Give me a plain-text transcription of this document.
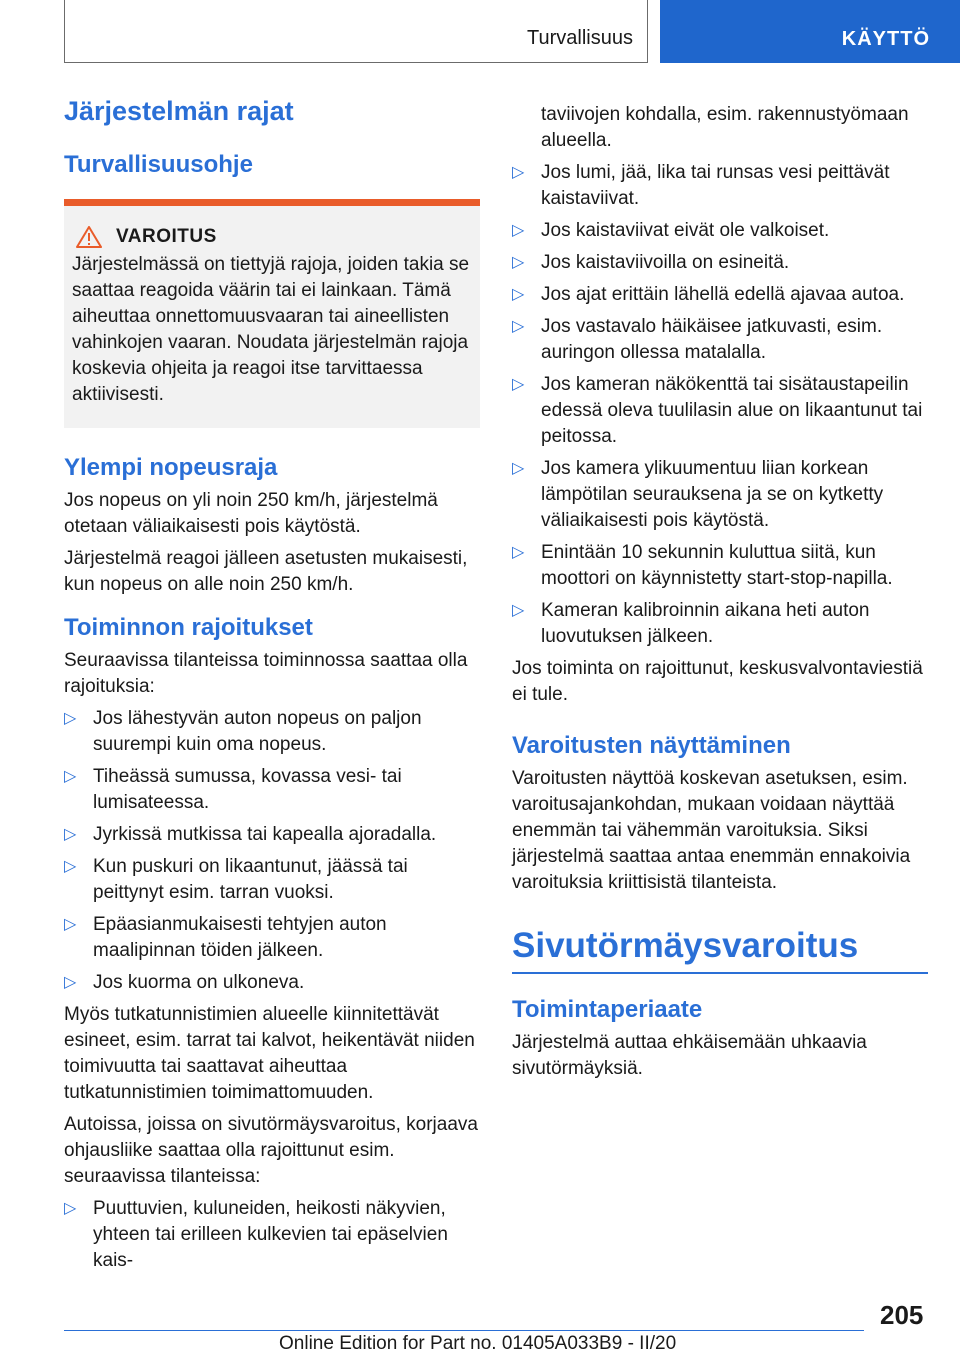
Turvallisuus	KÄYTTÖ
Järjestelmän rajat
Turvallisuusohje
VAROITUS

Järjestelmässä on tiettyjä rajoja, joiden takia se saattaa reagoida väärin tai ei lainkaan. Tämä aiheuttaa onnettomuusvaaran tai aineellisten vahinkojen vaaran. Noudata järjestelmän rajoja koskevia ohjeita ja reagoi itse tarvittaessa aktiivisesti.

Ylempi nopeusraja

Jos nopeus on yli noin 250 km/h, järjestelmä otetaan väliaikaisesti pois käytöstä.

Järjestelmä reagoi jälleen asetusten mukaisesti, kun nopeus on alle noin 250 km/h.

Toiminnon rajoitukset

Seuraavissa tilanteissa toiminnossa saattaa olla rajoituksia:

▷ Jos lähestyvän auton nopeus on paljon suurempi kuin oma nopeus.
▷ Tiheässä sumussa, kovassa vesi- tai lumisateessa.
▷ Jyrkissä mutkissa tai kapealla ajoradalla.
▷ Kun puskuri on likaantunut, jäässä tai peittynyt esim. tarran vuoksi.
▷ Epäasianmukaisesti tehtyjen auton maalipinnan töiden jälkeen.
▷ Jos kuorma on ulkoneva.

Myös tutkatunnistimien alueelle kiinnitettävät esineet, esim. tarrat tai kalvot, heikentävät niiden toimivuutta tai saattavat aiheuttaa tutkatunnistimien toimimattomuuden.

Autoissa, joissa on sivutörmäysvaroitus, korjaava ohjausliike saattaa olla rajoittunut esim. seuraavissa tilanteissa:

▷ Puuttuvien, kuluneiden, heikosti näkyvien, yhteen tai erilleen kulkevien tai epäselvien kais-
taviivojen kohdalla, esim. rakennustyömaan alueella.
▷ Jos lumi, jää, lika tai runsas vesi peittävät kaistaviivat.
▷ Jos kaistaviivat eivät ole valkoiset.
▷ Jos kaistaviivoilla on esineitä.
▷ Jos ajat erittäin lähellä edellä ajavaa autoa.
▷ Jos vastavalo häikäisee jatkuvasti, esim. auringon ollessa matalalla.
▷ Jos kameran näkökenttä tai sisätaustapeilin edessä oleva tuulilasin alue on likaantunut tai peitossa.
▷ Jos kamera ylikuumentuu liian korkean lämpötilan seurauksena ja se on kytketty väliaikaisesti pois käytöstä.
▷ Enintään 10 sekunnin kuluttua siitä, kun moottori on käynnistetty start-stop-napilla.
▷ Kameran kalibroinnin aikana heti auton luovutuksen jälkeen.

Jos toiminta on rajoittunut, keskusvalvontaviestiä ei tule.

Varoitusten näyttäminen

Varoitusten näyttöä koskevan asetuksen, esim. varoitusajankohdan, mukaan voidaan näyttää enemmän tai vähemmän varoituksia. Siksi järjestelmä saattaa antaa enemmän ennakoivia varoituksia kriittisistä tilanteista.

Sivutörmäysvaroitus
Toimintaperiaate

Järjestelmä auttaa ehkäisemään uhkaavia sivutörmäyksiä.

205
Online Edition for Part no. 01405A033B9 - II/20
